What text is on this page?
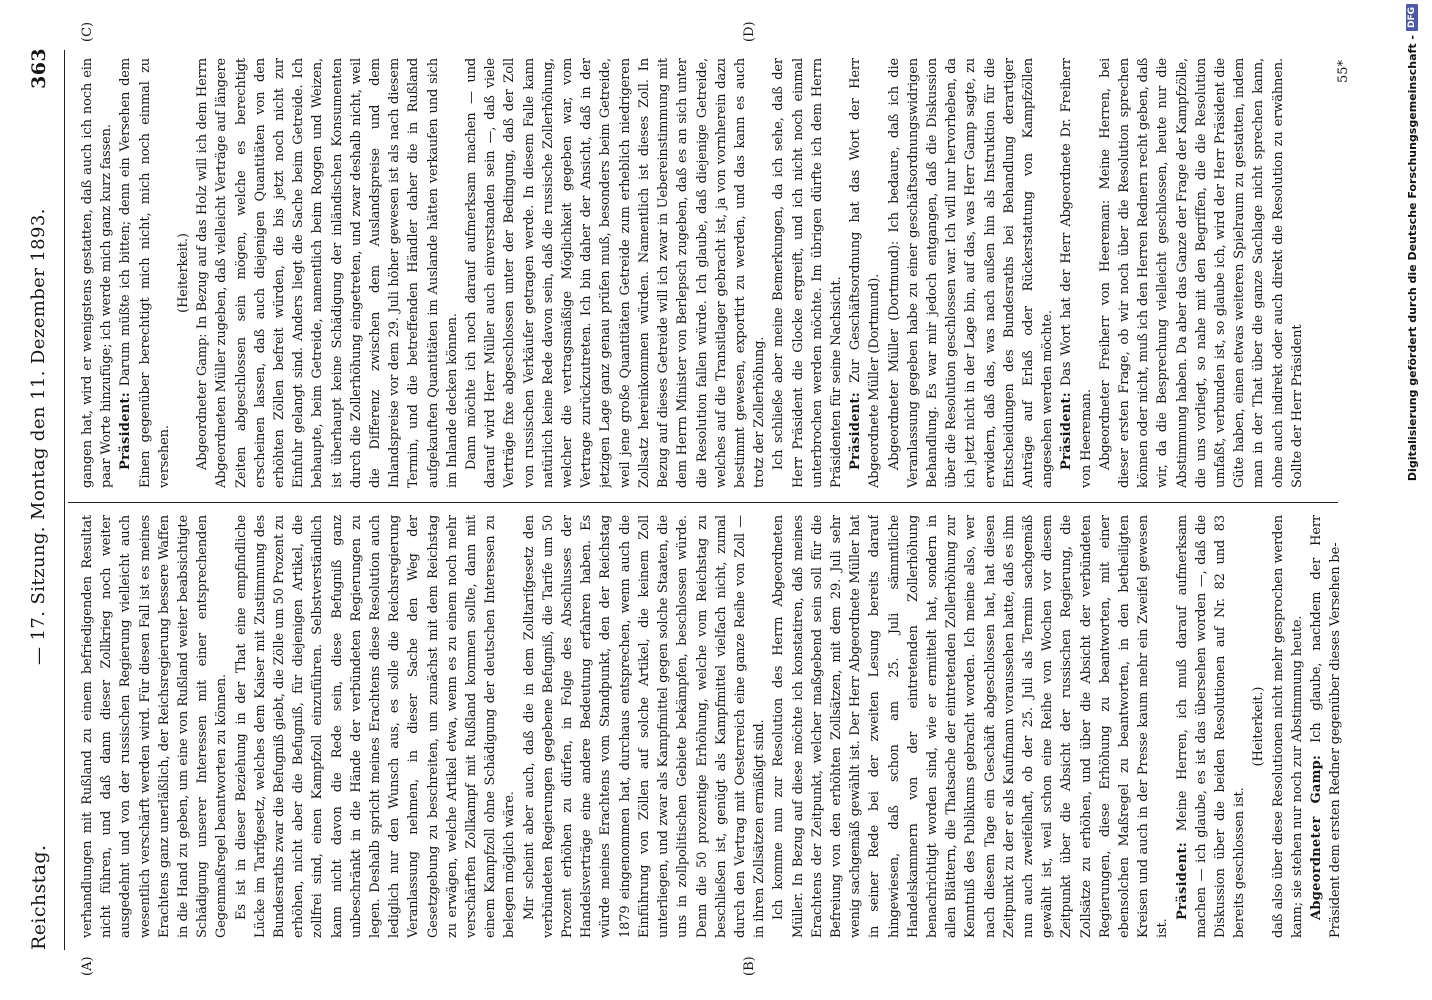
Reichstag.
— 17. Sitzung. Montag den 11. Dezember 1893.
363
(A)	(B)
(C)	(D)

verhandlungen mit Rußland zu einem befriedigenden Resultat nicht führen, und daß dann dieser Zollkrieg noch weiter ausgedehnt und von der russischen Regierung vielleicht auch wesentlich verschärft werden wird. Für diesen Fall ist es meines Erachtens ganz unerläßlich, der Reichsregierung bessere Waffen in die Hand zu geben, um eine von Rußland weiter beabsichtigte Schädigung unserer Interessen mit einer entsprechenden Gegenmaßregel beantworten zu können. Es ist in dieser Beziehung in der That eine empfindliche Lücke im Tarifgesetz, welches dem Kaiser mit Zustimmung des Bundesraths zwar die Befugniß giebt, die Zölle um 50 Prozent zu erhöhen, nicht aber die Befugniß, für diejenigen Artikel, die zollfrei sind, einen Kampfzoll einzuführen. Selbstverständlich kann nicht davon die Rede sein, diese Befugniß ganz unbeschränkt in die Hände der verbündeten Regierungen zu legen. Deshalb spricht meines Erachtens diese Resolution auch lediglich nur den Wunsch aus, es solle die Reichsregierung Veranlassung nehmen, in dieser Sache den Weg der Gesetzgebung zu beschreiten, um zunächst mit dem Reichstag zu erwägen, welche Artikel etwa, wenn es zu einem noch mehr verschärften Zollkampf mit Rußland kommen sollte, dann mit einem Kampfzoll ohne Schädigung der deutschen Interessen zu belegen möglich wäre. Mir scheint aber auch, daß die in dem Zolltarifgesetz den verbündeten Regierungen gegebene Befugniß, die Tarife um 50 Prozent erhöhen zu dürfen, in Folge des Abschlusses der Handelsverträge eine andere Bedeutung erfahren haben. Es würde meines Erachtens vom Standpunkt, den der Reichstag 1879 eingenommen hat, durchaus entsprechen, wenn auch die Einführung von Zöllen auf solche Artikel, die keinem Zoll unterliegen, und zwar als Kampfmittel gegen solche Staaten, die uns in zollpolitischen Gebiete bekämpfen, beschlossen würde. Denn die 50 prozentige Erhöhung, welche vom Reichstag zu beschließen ist, genügt als Kampfmittel vielfach nicht, zumal durch den Vertrag mit Oesterreich eine ganze Reihe von Zoll — in ihren Zollsätzen ermäßigt sind. Ich komme nun zur Resolution des Herrn Abgeordneten Müller. In Bezug auf diese möchte ich konstatiren, daß meines Erachtens der Zeitpunkt, welcher maßgebend sein soll für die Befreiung von den erhöhten Zollsätzen, mit dem 29. Juli sehr wenig sachgemäß gewählt ist. Der Herr Abgeordnete Müller hat in seiner Rede bei der zweiten Lesung bereits darauf hingewiesen, daß schon am 25. Juli sämmtliche Handelskammern von der eintretenden Zollerhöhung benachrichtigt worden sind, wie er ermittelt hat, sondern in allen Blättern, die Thatsache der eintretenden Zollerhöhung zur Kenntniß des Publikums gebracht worden. Ich meine also, wer nach diesem Tage ein Geschäft abgeschlossen hat, hat diesen Zeitpunkt zu der er als Kaufmann voraussehen hatte, daß es ihm nun auch zweifelhaft, ob der 25. Juli als Termin sachgemäß gewählt ist, weil schon eine Reihe von Wochen vor diesem Zeitpunkt über die Absicht der russischen Regierung, die Zollsätze zu erhöhen, und über die Absicht der verbündeten Regierungen, diese Erhöhung zu beantworten, mit einer ebensolchen Maßregel zu beantworten, in den betheiligten Kreisen und auch in der Presse kaum mehr ein Zweifel gewesen ist.

Präsident: Meine Herren, ich muß darauf aufmerksam machen — ich glaube, es ist das übersehen worden —, daß die Diskussion über die beiden Resolutionen auf Nr. 82 und 83 bereits geschlossen ist.

(Heiterkeit.) daß also über diese Resolutionen nicht mehr gesprochen werden kann; sie stehen nur noch zur Abstimmung heute. Abgeordneter Gamp: Ich glaube, nachdem der Herr Präsident dem ersten Redner gegenüber dieses Versehen be-

gangen hat, wird er wenigstens gestatten, daß auch ich noch ein paar Worte hinzufüge; ich werde mich ganz kurz fassen. Präsident: Darum müßte ich bitten; denn ein Versehen dem Einen gegenüber berechtigt mich nicht, mich noch einmal zu versehen.

(Heiterkeit.) Abgeordneter Gamp: In Bezug auf das Holz will ich dem Herrn Abgeordneten Müller zugeben, daß vielleicht Verträge auf längere Zeiten abgeschlossen sein mögen, welche es berechtigt erscheinen lassen, daß auch diejenigen Quantitäten von den erhöhten Zöllen befreit würden, die bis jetzt noch nicht zur Einfuhr gelangt sind. Anders liegt die Sache beim Getreide. Ich behaupte, beim Getreide, namentlich beim Roggen und Weizen, ist überhaupt keine Schädigung der inländischen Konsumenten durch die Zollerhöhung eingetreten, und zwar deshalb nicht, weil die Differenz zwischen dem Auslandspreise und dem Inlandspreise vor dem 29. Juli höher gewesen ist als nach diesem Termin, und die betreffenden Händler daher die in Rußland aufgekauften Quantitäten im Auslande hätten verkaufen und sich im Inlande decken können. Dann möchte ich noch darauf aufmerksam machen — und darauf wird Herr Müller auch einverstanden sein —, daß viele Verträge fixe abgeschlossen unter der Bedingung, daß der Zoll von russischen Verkäufer getragen werde. In diesem Falle kann natürlich keine Rede davon sein, daß die russische Zollerhöhung, welcher die vertragsmäßige Möglichkeit gegeben war, vom Vertrage zurückzutreten. Ich bin daher der Ansicht, daß in der jetzigen Lage ganz genau prüfen muß, besonders beim Getreide, weil jene große Quantitäten Getreide zum erheblich niedrigeren Zollsatz hereinkommen würden. Namentlich ist dieses Zoll. In Bezug auf dieses Getreide will ich zwar in Uebereinstimmung mit dem Herrn Minister von Berlepsch zugeben, daß es an sich unter die Resolution fallen würde. Ich glaube, daß diejenige Getreide, welches auf die Transitlager gebracht ist, ja von vornherein dazu bestimmt gewesen, exportirt zu werden, und das kann es auch trotz der Zollerhöhung. Ich schließe aber meine Bemerkungen, da ich sehe, daß der Herr Präsident die Glocke ergreift, und ich nicht noch einmal unterbrochen werden möchte. Im übrigen dürfte ich dem Herrn Präsidenten für seine Nachsicht. Präsident: Zur Geschäftsordnung hat das Wort der Herr Abgeordnete Müller (Dortmund). Abgeordneter Müller (Dortmund): Ich bedaure, daß ich die Veranlassung gegeben habe zu einer geschäftsordnungswidrigen Behandlung. Es war mir jedoch entgangen, daß die Diskussion über die Resolution geschlossen war. Ich will nur hervorheben, da ich jetzt nicht in der Lage bin, auf das, was Herr Gamp sagte, zu erwidern, daß das, was nach außen hin als Instruktion für die Entscheidungen des Bundesraths bei Behandlung derartiger Anträge auf Erlaß oder Rückerstattung von Kampfzöllen angesehen werden möchte. Präsident: Das Wort hat der Herr Abgeordnete Dr. Freiherr von Heereman. Abgeordneter Freiherr von Heereman: Meine Herren, bei dieser ersten Frage, ob wir noch über die Resolution sprechen können oder nicht, muß ich den Herren Rednern recht geben, daß wir, da die Besprechung vielleicht geschlossen, heute nur die Abstimmung haben. Da aber das Ganze der Frage der Kampfzölle, die uns vorliegt, so nahe mit den Begriffen, die die Resolution umfaßt, verbunden ist, so glaube ich, wird der Herr Präsident die Güte haben, einen etwas weiteren Spielraum zu gestatten, indem man in der That über die ganze Sachlage nicht sprechen kann, ohne auch indirekt oder auch direkt die Resolution zu erwähnen. Sollte der Herr Präsident

55*	Digitalisierung gefördert durch die Deutsche Forschungsgemeinschaft -DFG
